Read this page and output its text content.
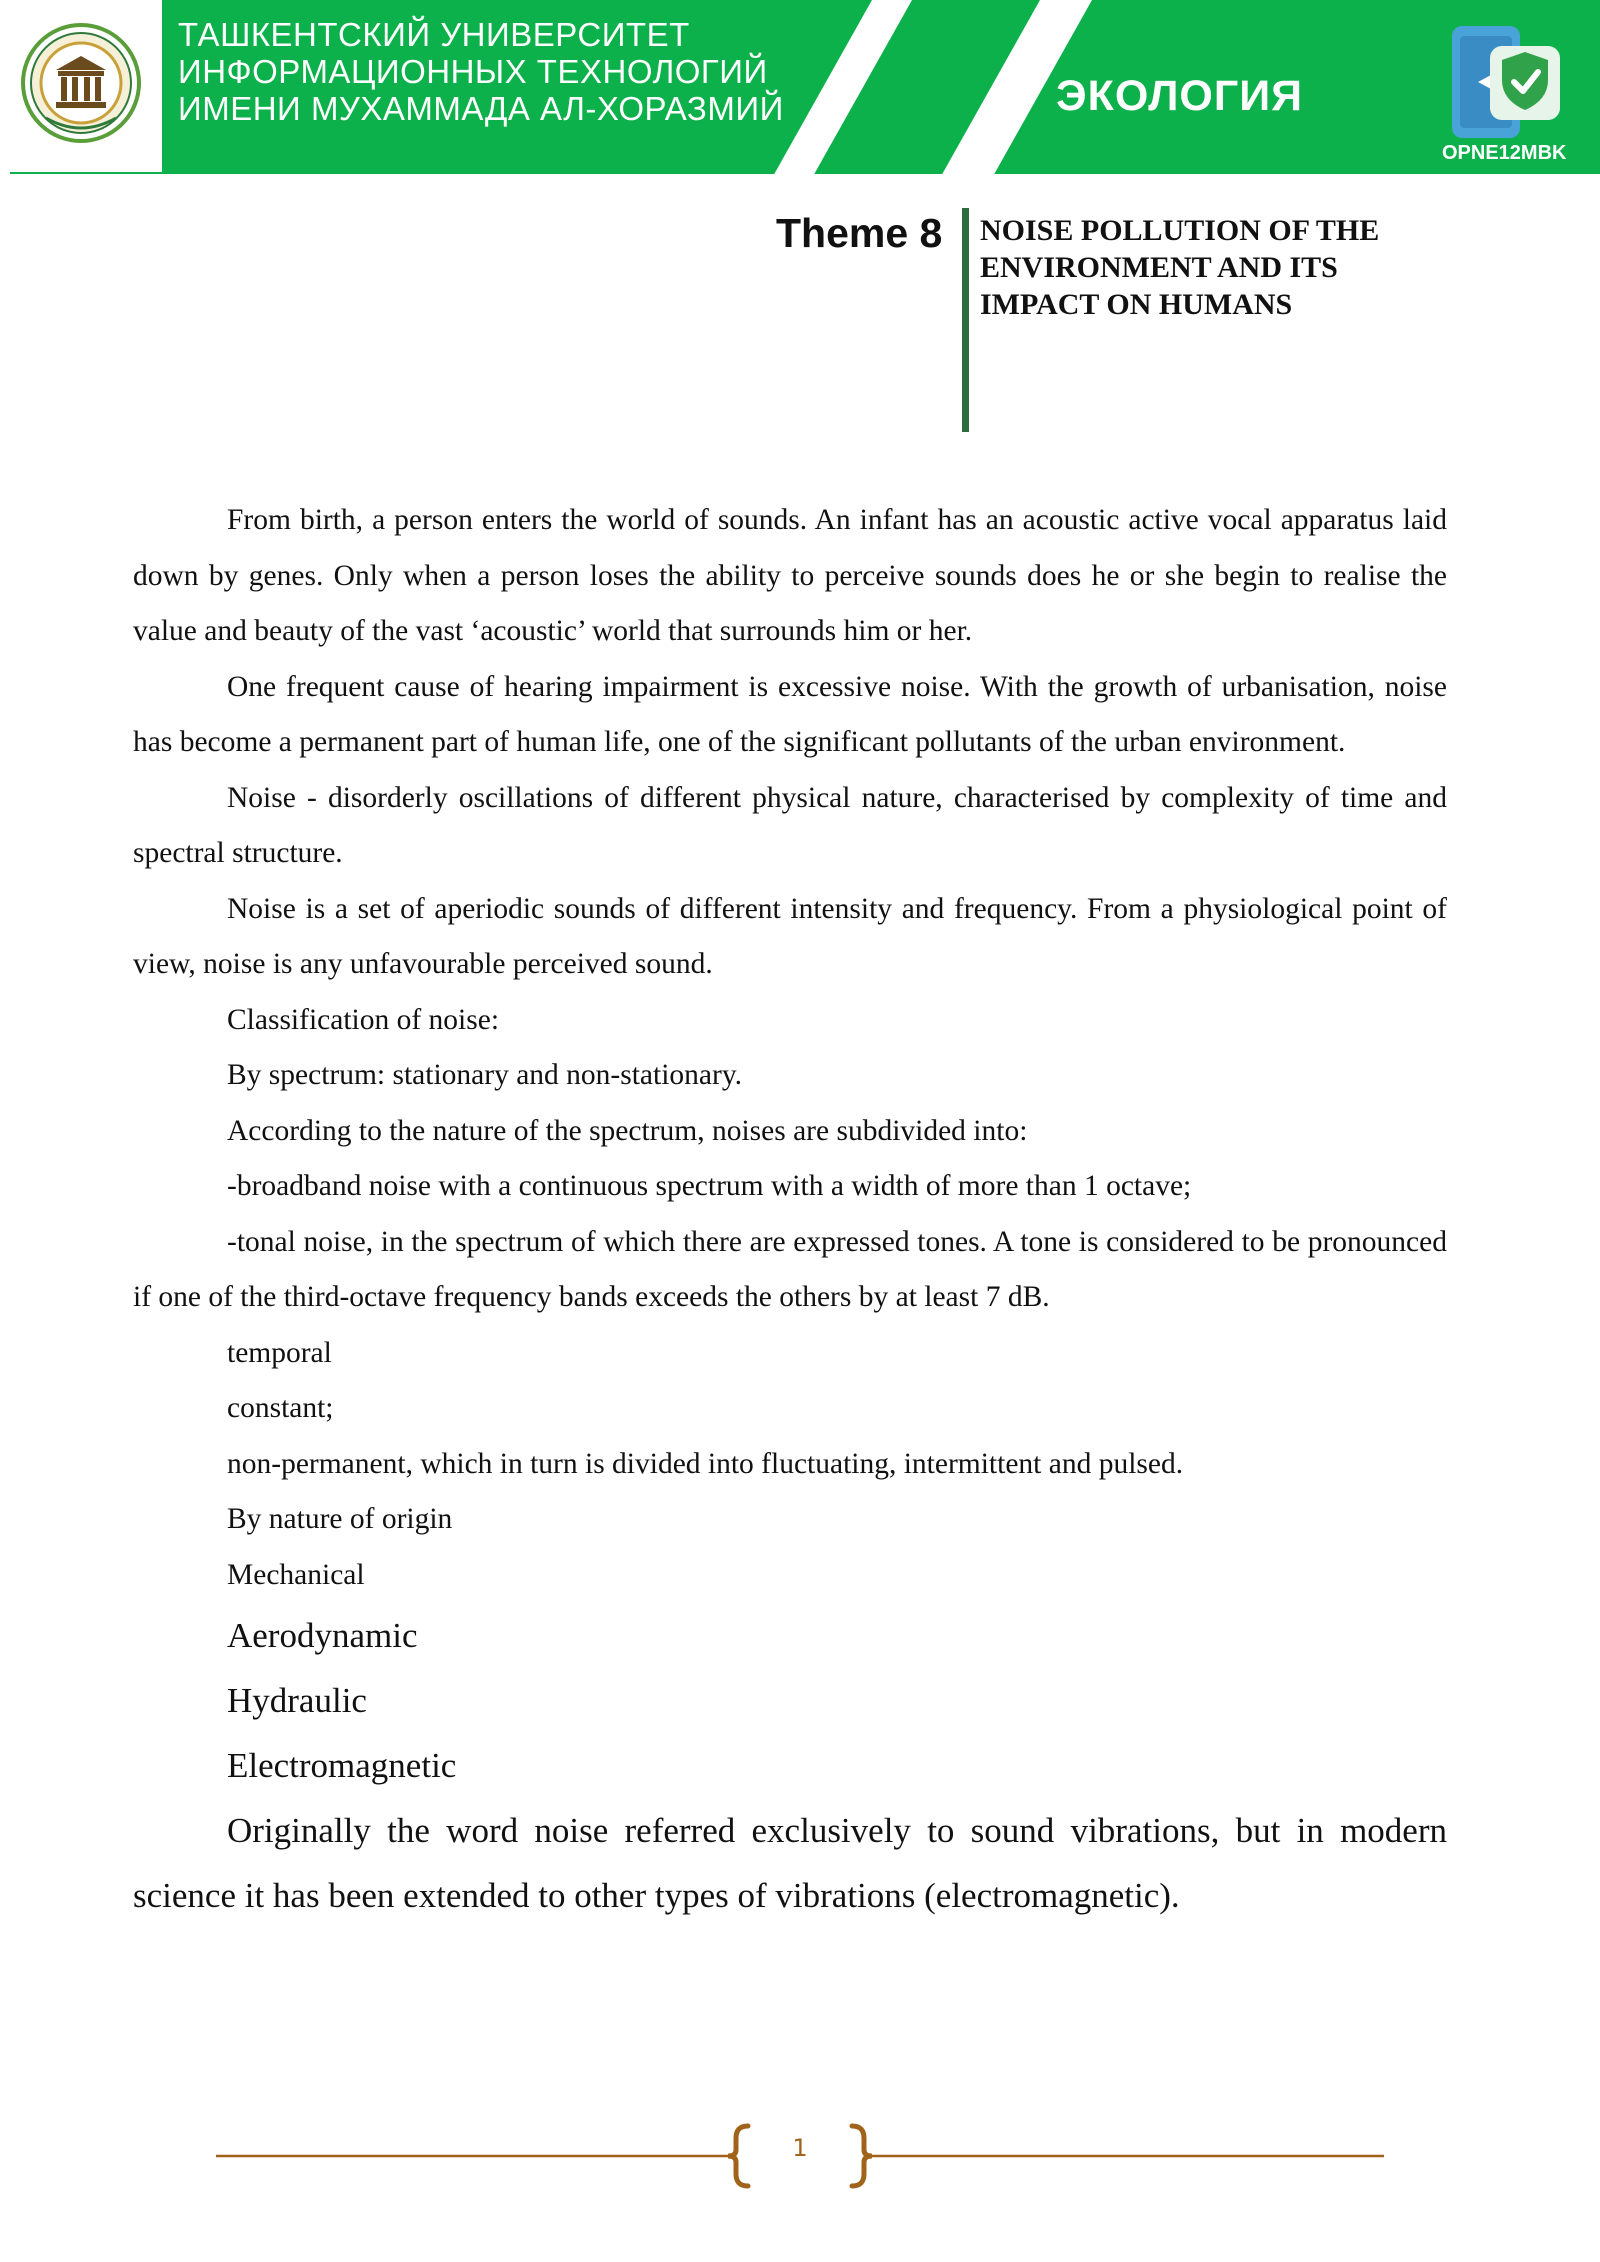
ТАШКЕНТСКИЙ УНИВЕРСИТЕТ
ИНФОРМАЦИОННЫХ ТЕХНОЛОГИЙ
ИМЕНИ МУХАММАДА АЛ-ХОРАЗМИЙ	ЭКОЛОГИЯ
OPNE12MBK
Theme 8 NOISE POLLUTION OF THE ENVIRONMENT AND ITS IMPACT ON HUMANS

From birth, a person enters the world of sounds. An infant has an acoustic active vocal apparatus laid down by genes. Only when a person loses the ability to perceive sounds does he or she begin to realise the value and beauty of the vast ‘acoustic’ world that surrounds him or her.

One frequent cause of hearing impairment is excessive noise. With the growth of urbanisation, noise has become a permanent part of human life, one of the significant pollutants of the urban environment.

Noise - disorderly oscillations of different physical nature, characterised by complexity of time and spectral structure.

Noise is a set of aperiodic sounds of different intensity and frequency. From a physiological point of view, noise is any unfavourable perceived sound.

Classification of noise:

By spectrum: stationary and non-stationary.

According to the nature of the spectrum, noises are subdivided into:

-broadband noise with a continuous spectrum with a width of more than 1 octave;

-tonal noise, in the spectrum of which there are expressed tones. A tone is considered to be pronounced if one of the third-octave frequency bands exceeds the others by at least 7 dB.

temporal

constant;

non-permanent, which in turn is divided into fluctuating, intermittent and pulsed.

By nature of origin

Mechanical

Aerodynamic

Hydraulic

Electromagnetic

Originally the word noise referred exclusively to sound vibrations, but in modern science it has been extended to other types of vibrations (electromagnetic).

1
